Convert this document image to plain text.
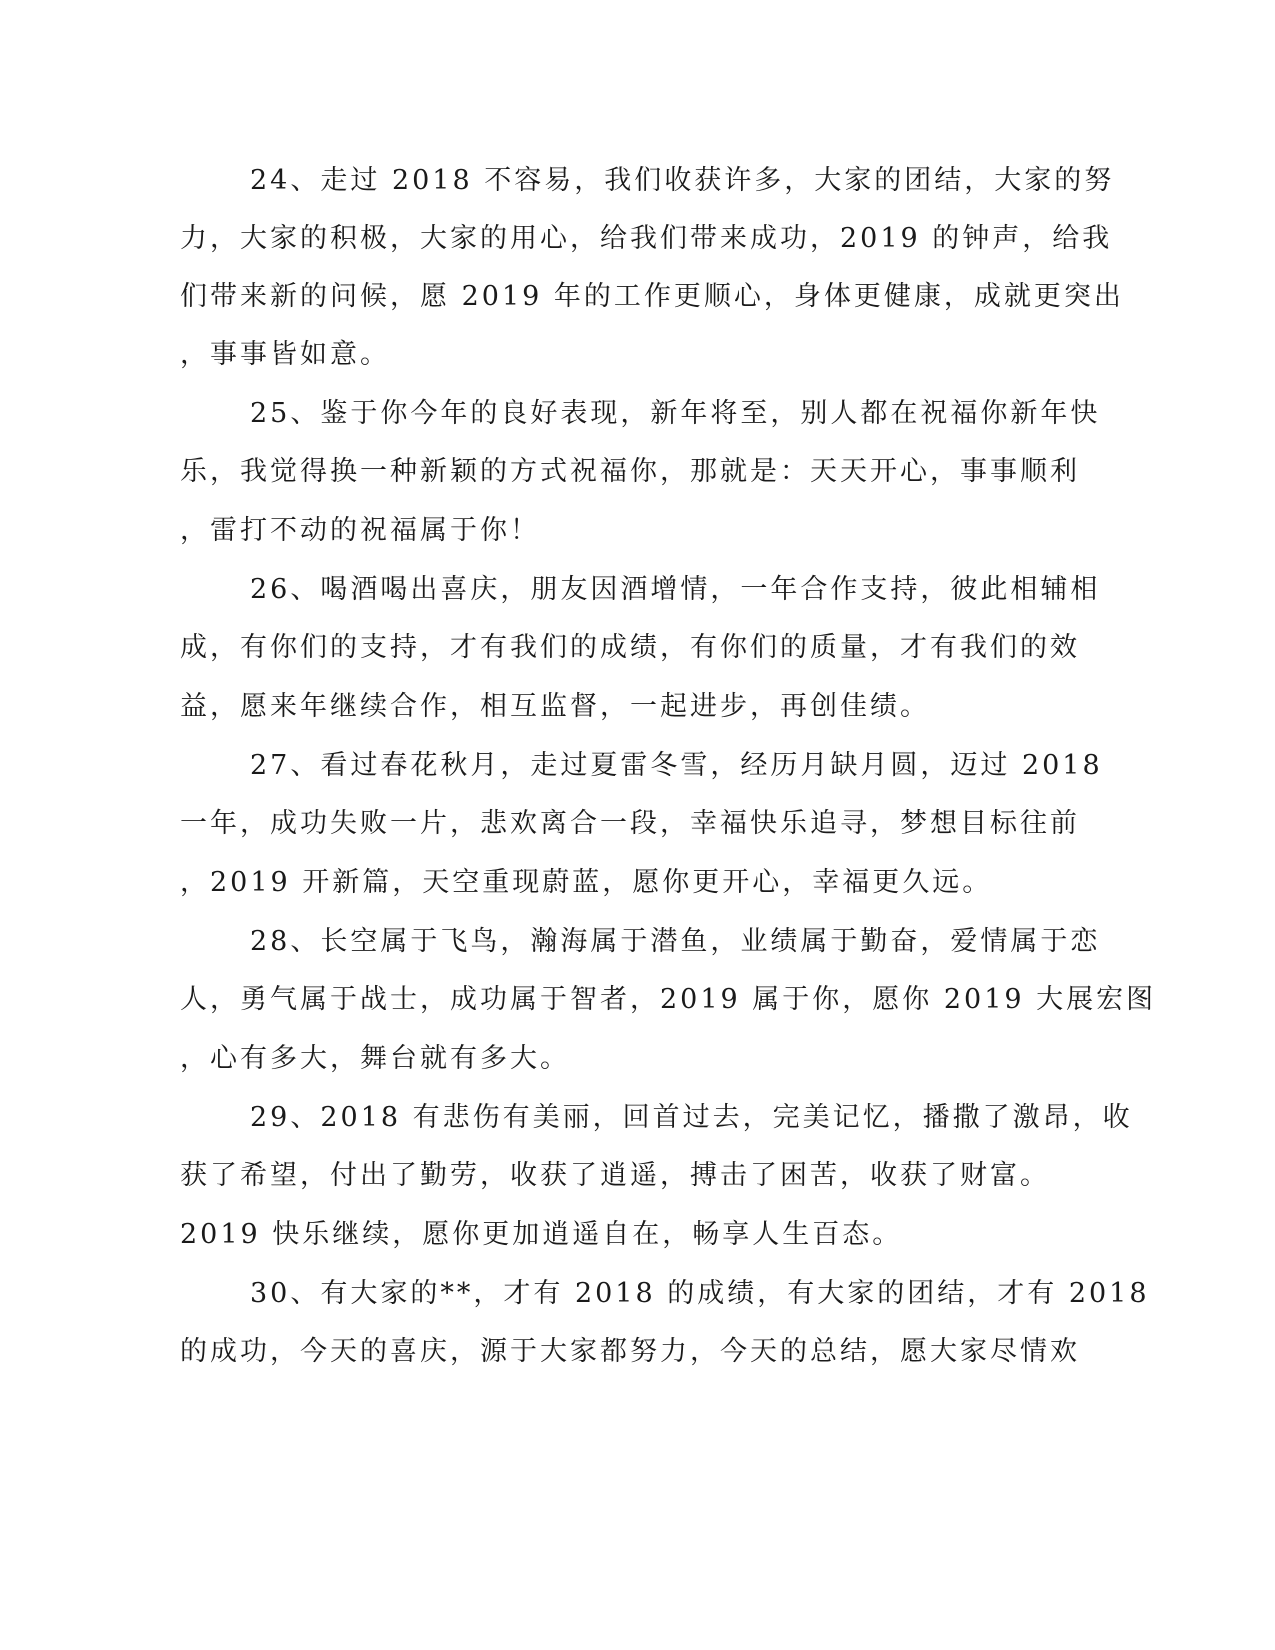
24、走过 2018 不容易，我们收获许多，大家的团结，大家的努
力，大家的积极，大家的用心，给我们带来成功，2019 的钟声，给我
们带来新的问候，愿 2019 年的工作更顺心，身体更健康，成就更突出
，事事皆如意。
25、鉴于你今年的良好表现，新年将至，别人都在祝福你新年快
乐，我觉得换一种新颖的方式祝福你，那就是：天天开心，事事顺利
，雷打不动的祝福属于你！
26、喝酒喝出喜庆，朋友因酒增情，一年合作支持，彼此相辅相
成，有你们的支持，才有我们的成绩，有你们的质量，才有我们的效
益，愿来年继续合作，相互监督，一起进步，再创佳绩。
27、看过春花秋月，走过夏雷冬雪，经历月缺月圆，迈过 2018
一年，成功失败一片，悲欢离合一段，幸福快乐追寻，梦想目标往前
，2019 开新篇，天空重现蔚蓝，愿你更开心，幸福更久远。
28、长空属于飞鸟，瀚海属于潜鱼，业绩属于勤奋，爱情属于恋
人，勇气属于战士，成功属于智者，2019 属于你，愿你 2019 大展宏图
，心有多大，舞台就有多大。
29、2018 有悲伤有美丽，回首过去，完美记忆，播撒了激昂，收
获了希望，付出了勤劳，收获了逍遥，搏击了困苦，收获了财富。
2019 快乐继续，愿你更加逍遥自在，畅享人生百态。
30、有大家的**，才有 2018 的成绩，有大家的团结，才有 2018
的成功，今天的喜庆，源于大家都努力，今天的总结，愿大家尽情欢
